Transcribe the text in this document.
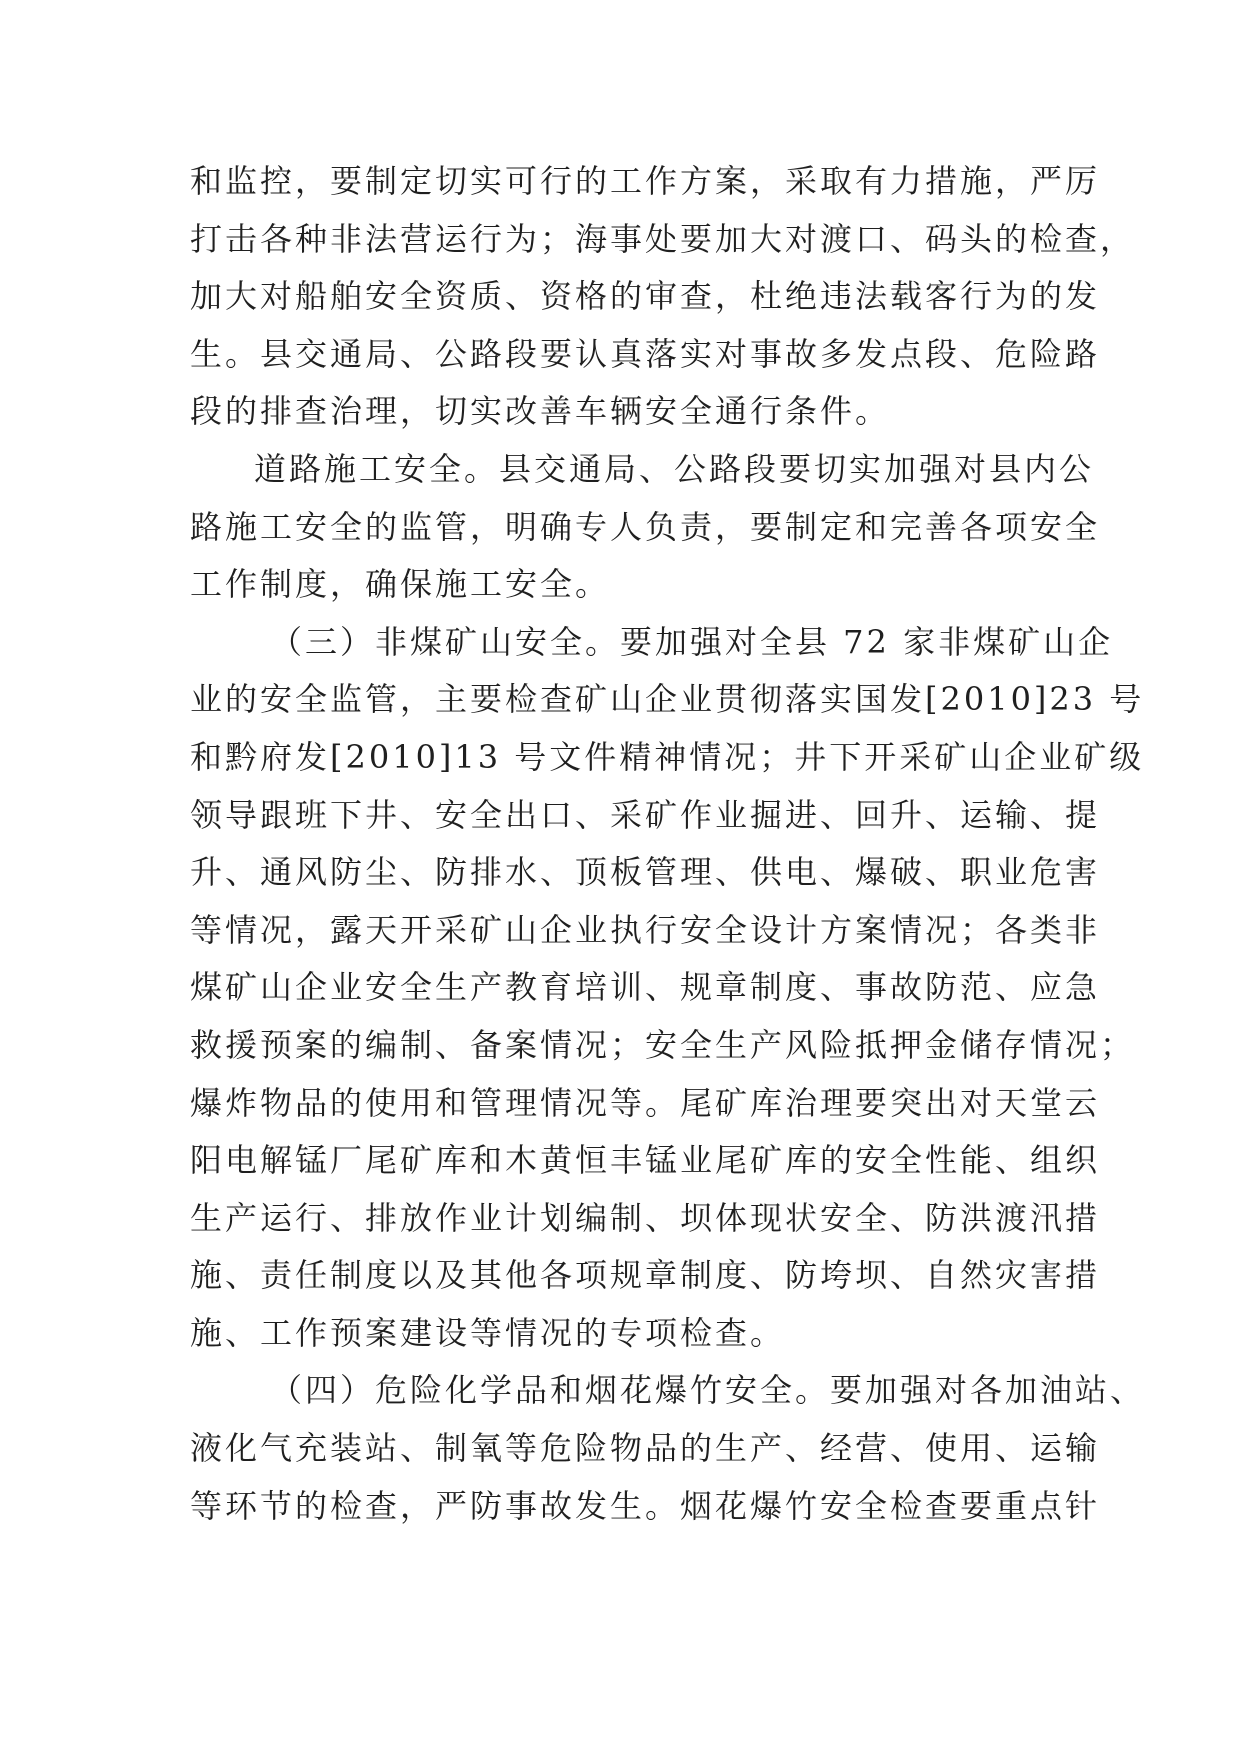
和监控，要制定切实可行的工作方案，采取有力措施，严厉
打击各种非法营运行为；海事处要加大对渡口、码头的检查，
加大对船舶安全资质、资格的审查，杜绝违法载客行为的发
生。县交通局、公路段要认真落实对事故多发点段、危险路
段的排查治理，切实改善车辆安全通行条件。
道路施工安全。县交通局、公路段要切实加强对县内公
路施工安全的监管，明确专人负责，要制定和完善各项安全
工作制度，确保施工安全。
（三）非煤矿山安全。要加强对全县 72 家非煤矿山企
业的安全监管，主要检查矿山企业贯彻落实国发[2010]23 号
和黔府发[2010]13 号文件精神情况；井下开采矿山企业矿级
领导跟班下井、安全出口、采矿作业掘进、回升、运输、提
升、通风防尘、防排水、顶板管理、供电、爆破、职业危害
等情况，露天开采矿山企业执行安全设计方案情况；各类非
煤矿山企业安全生产教育培训、规章制度、事故防范、应急
救援预案的编制、备案情况；安全生产风险抵押金储存情况；
爆炸物品的使用和管理情况等。尾矿库治理要突出对天堂云
阳电解锰厂尾矿库和木黄恒丰锰业尾矿库的安全性能、组织
生产运行、排放作业计划编制、坝体现状安全、防洪渡汛措
施、责任制度以及其他各项规章制度、防垮坝、自然灾害措
施、工作预案建设等情况的专项检查。
（四）危险化学品和烟花爆竹安全。要加强对各加油站、
液化气充装站、制氧等危险物品的生产、经营、使用、运输
等环节的检查，严防事故发生。烟花爆竹安全检查要重点针
